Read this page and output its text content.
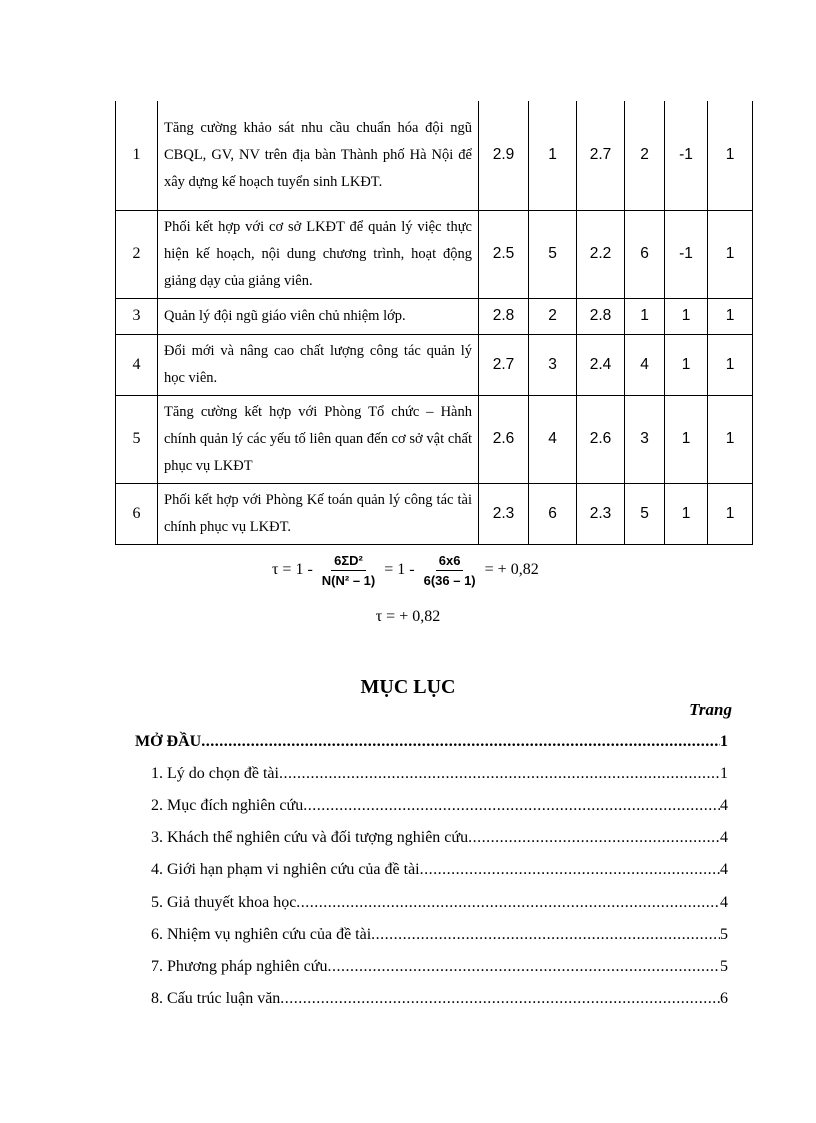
1	Tăng cường khảo sát nhu cầu chuẩn hóa đội ngũ CBQL, GV, NV trên địa bàn Thành phố Hà Nội để xây dựng kế hoạch tuyển sinh LKĐT.	2.9	1	2.7	2	-1	1
2	Phối kết hợp với cơ sở LKĐT để quản lý việc thực hiện kế hoạch, nội dung chương trình, hoạt động giảng dạy của giảng viên.	2.5	5	2.2	6	-1	1
3	Quản lý đội ngũ giáo viên chủ nhiệm lớp.	2.8	2	2.8	1	1	1
4	Đổi mới và nâng cao chất lượng công tác quản lý học viên.	2.7	3	2.4	4	1	1
5	Tăng cường kết hợp với Phòng Tổ chức – Hành chính quản lý các yếu tố liên quan đến cơ sở vật chất phục vụ LKĐT	2.6	4	2.6	3	1	1
6	Phối kết hợp với Phòng Kế toán quản lý công tác tài chính phục vụ LKĐT.	2.3	6	2.3	5	1	1
$\tau = 1 - \frac{\text{6ΣD²}}{\text{N(N² – 1)}} = 1 - \frac{6x6}{6(36 - 1)}$ = + 0,82
τ = + 0,82
MỤC LỤC
Trang
MỞ ĐẦU .....	1
1. Lý do chọn đề tài .....	1
2. Mục đích nghiên cứu .....	4
3. Khách thể nghiên cứu và đối tượng nghiên cứu .....	4
4. Giới hạn phạm vi nghiên cứu của đề tài .....	4
5. Giả thuyết khoa học .....	4
6. Nhiệm vụ nghiên cứu của đề tài .....	5
7. Phương pháp nghiên cứu .....	5
8. Cấu trúc luận văn .....	6
